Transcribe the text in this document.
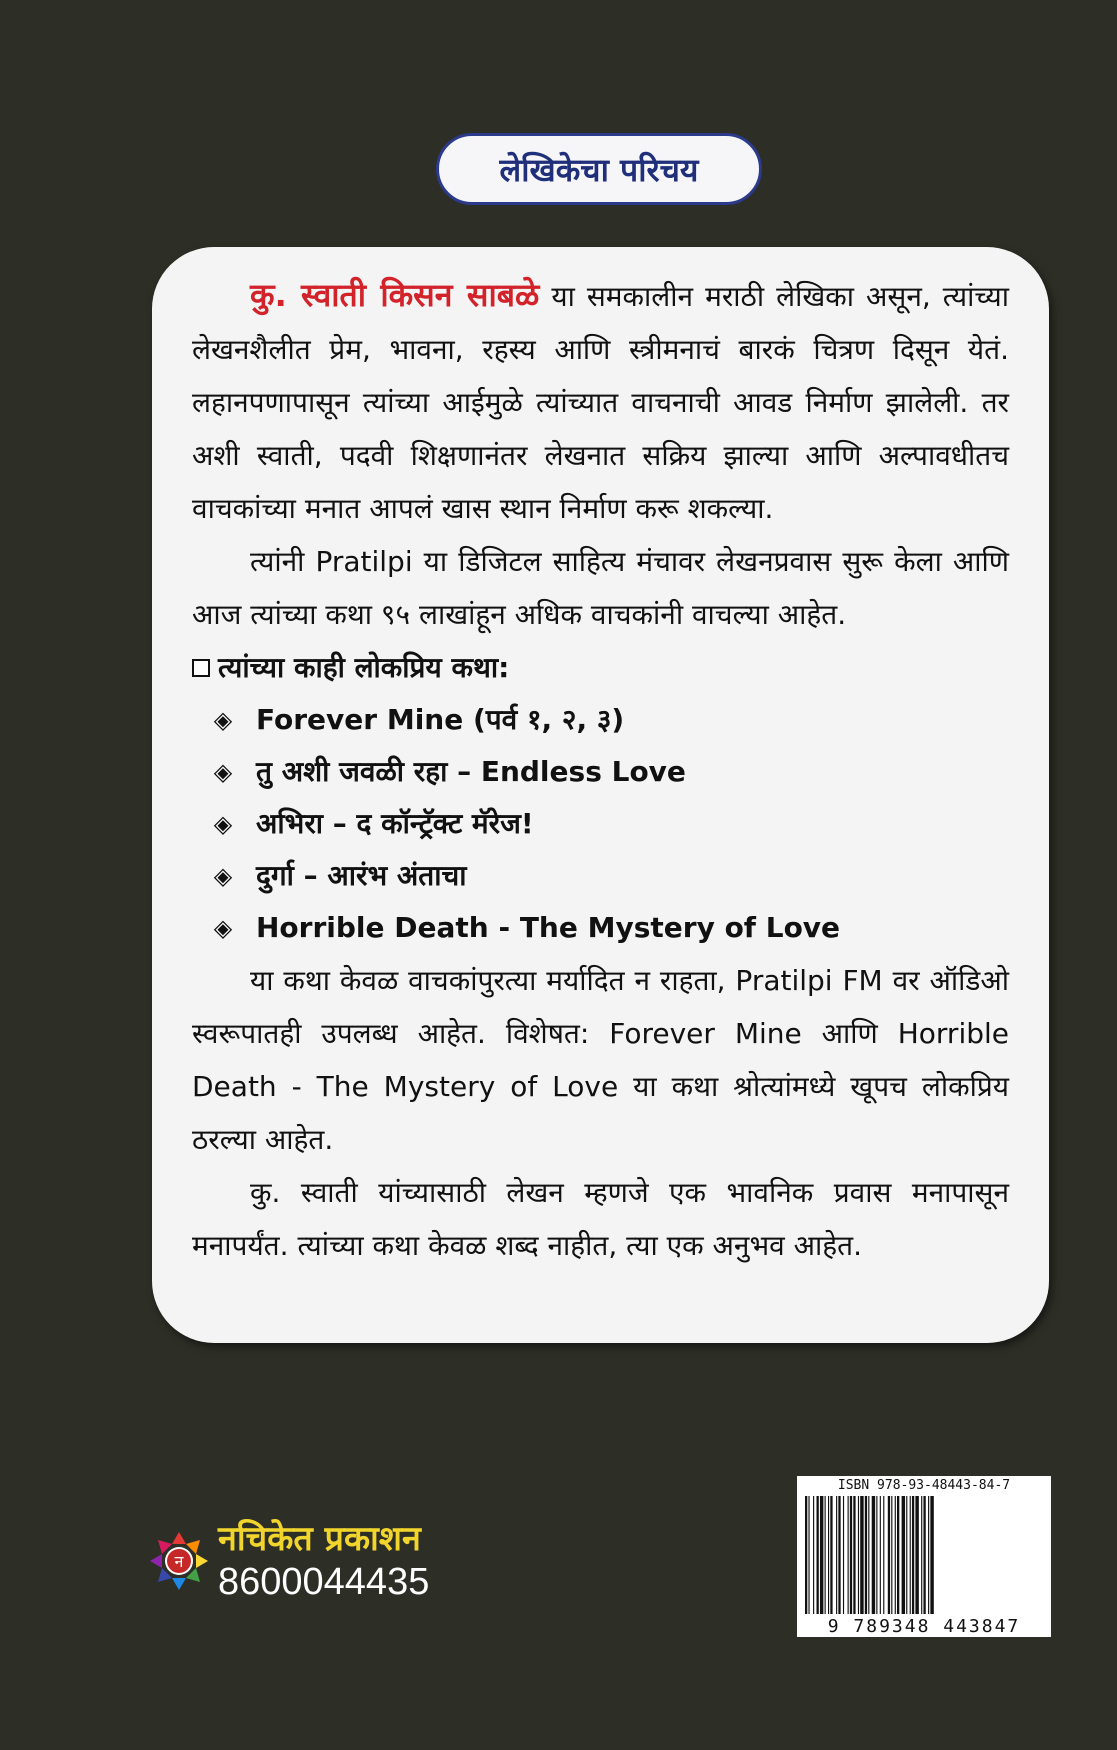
लेखिकेचा परिचय

कु. स्वाती किसन साबळे या समकालीन मराठी लेखिका असून, त्यांच्या लेखनशैलीत प्रेम, भावना, रहस्य आणि स्त्रीमनाचं बारकं चित्रण दिसून येतं. लहानपणापासून त्यांच्या आईमुळे त्यांच्यात वाचनाची आवड निर्माण झालेली. तर अशी स्वाती, पदवी शिक्षणानंतर लेखनात सक्रिय झाल्या आणि अल्पावधीतच वाचकांच्या मनात आपलं खास स्थान निर्माण करू शकल्या.

त्यांनी Pratilpi या डिजिटल साहित्य मंचावर लेखनप्रवास सुरू केला आणि आज त्यांच्या कथा ९५ लाखांहून अधिक वाचकांनी वाचल्या आहेत.

त्यांच्या काही लोकप्रिय कथा:

◈ Forever Mine (पर्व १, २, ३)
◈ तु अशी जवळी रहा – Endless Love
◈ अभिरा – द कॉन्ट्रॅक्ट मॅरेज!
◈ दुर्गा – आरंभ अंताचा
◈ Horrible Death - The Mystery of Love

या कथा केवळ वाचकांपुरत्या मर्यादित न राहता, Pratilpi FM वर ऑडिओ स्वरूपातही उपलब्ध आहेत. विशेषत: Forever Mine आणि Horrible Death - The Mystery of Love या कथा श्रोत्यांमध्ये खूपच लोकप्रिय ठरल्या आहेत.

कु. स्वाती यांच्यासाठी लेखन म्हणजे एक भावनिक प्रवास मनापासून मनापर्यंत. त्यांच्या कथा केवळ शब्द नाहीत, त्या एक अनुभव आहेत.

न
नचिकेत प्रकाशन
8600044435
ISBN 978-93-48443-84-7
9 789348 443847
